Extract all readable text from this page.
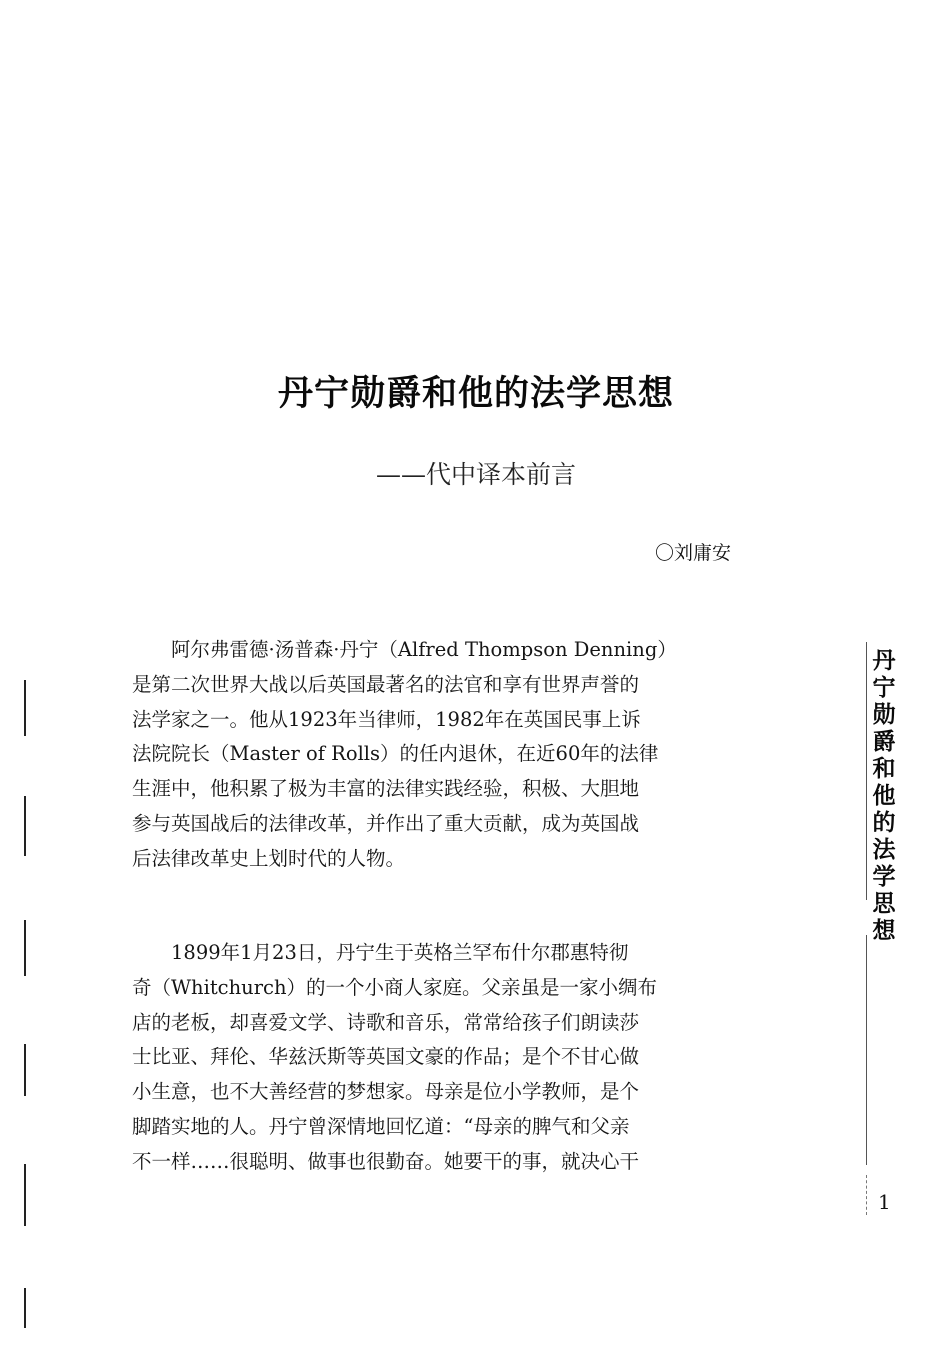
丹宁勋爵和他的法学思想
——代中译本前言
〇刘庸安
阿尔弗雷德·汤普森·丹宁（Alfred Thompson Denning）
是第二次世界大战以后英国最著名的法官和享有世界声誉的
法学家之一。他从1923年当律师，1982年在英国民事上诉
法院院长（Master of Rolls）的任内退休，在近60年的法律
生涯中，他积累了极为丰富的法律实践经验，积极、大胆地
参与英国战后的法律改革，并作出了重大贡献，成为英国战
后法律改革史上划时代的人物。
1899年1月23日，丹宁生于英格兰罕布什尔郡惠特彻
奇（Whitchurch）的一个小商人家庭。父亲虽是一家小绸布
店的老板，却喜爱文学、诗歌和音乐，常常给孩子们朗读莎
士比亚、拜伦、华兹沃斯等英国文豪的作品；是个不甘心做
小生意，也不大善经营的梦想家。母亲是位小学教师，是个
脚踏实地的人。丹宁曾深情地回忆道：“母亲的脾气和父亲
不一样……很聪明、做事也很勤奋。她要干的事，就决心干
丹
宁
勋
爵
和
他
的
法
学
思
想
1
